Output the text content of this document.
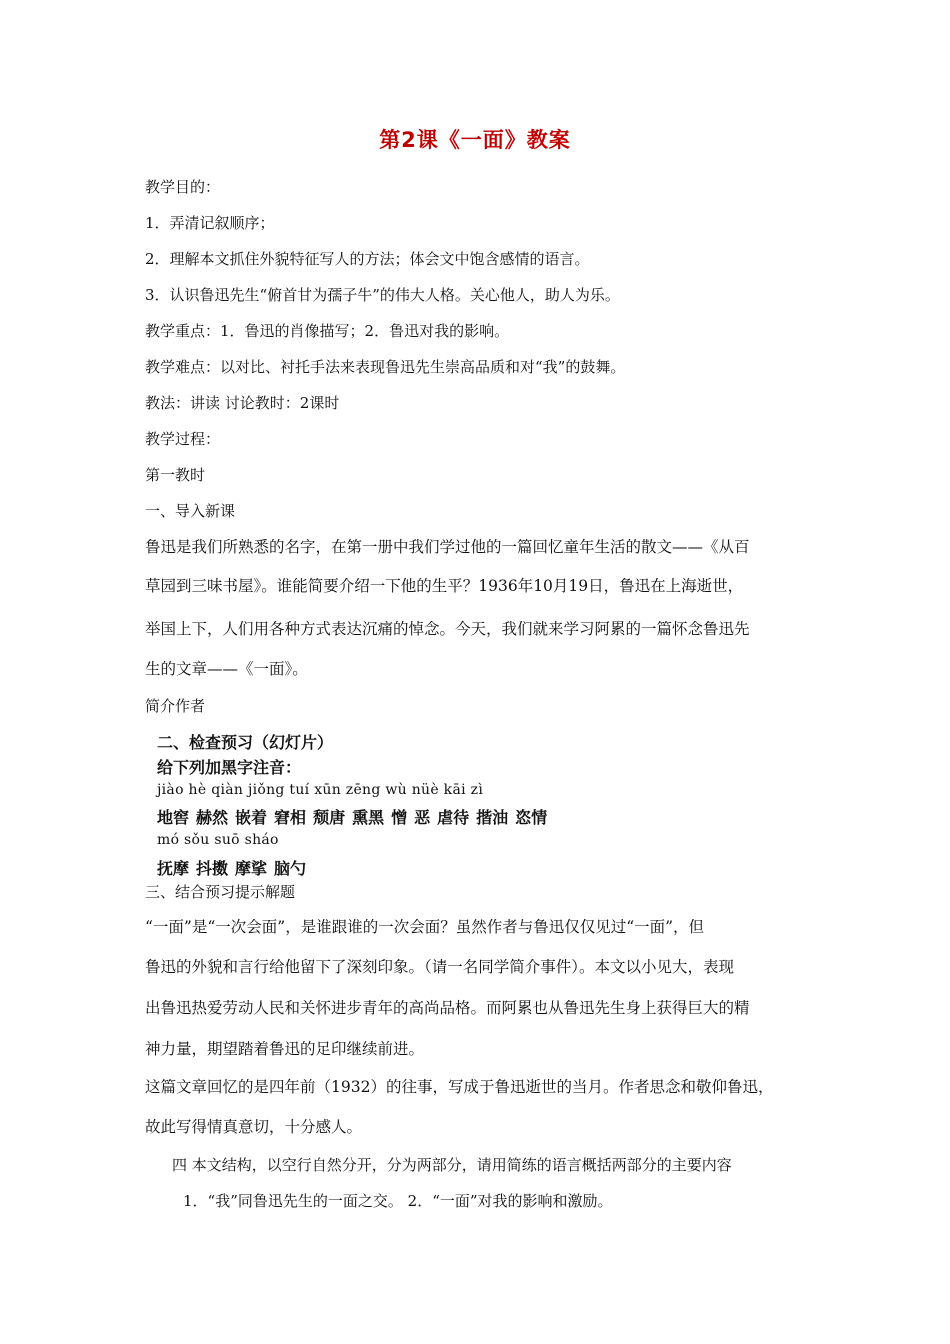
第2课《一面》教案
教学目的：
1．弄清记叙顺序；
2．理解本文抓住外貌特征写人的方法；体会文中饱含感情的语言。
3．认识鲁迅先生“俯首甘为孺子牛”的伟大人格。关心他人，助人为乐。
教学重点：1．鲁迅的肖像描写；2．鲁迅对我的影响。
教学难点：以对比、衬托手法来表现鲁迅先生崇高品质和对“我”的鼓舞。
教法：讲读 讨论教时：2课时
教学过程：
第一教时
一、导入新课
鲁迅是我们所熟悉的名字，在第一册中我们学过他的一篇回忆童年生活的散文——《从百
草园到三味书屋》。谁能简要介绍一下他的生平？1936年10月19日，鲁迅在上海逝世，
举国上下，人们用各种方式表达沉痛的悼念。今天，我们就来学习阿累的一篇怀念鲁迅先
生的文章——《一面》。
简介作者
二、检查预习（幻灯片）
给下列加黑字注音：
jiào hè qiàn jiǒng tuí xūn zēng wù nüè kāi zì
地窖 赫然 嵌着 窘相 颓唐 熏黑 憎 恶 虐待 揩油 恣情
mó sǒu suō sháo
抚摩 抖擞 摩挲 脑勺
三、结合预习提示解题
“一面”是“一次会面”，是谁跟谁的一次会面？虽然作者与鲁迅仅仅见过“一面”，但
鲁迅的外貌和言行给他留下了深刻印象。（请一名同学简介事件）。本文以小见大，表现
出鲁迅热爱劳动人民和关怀进步青年的高尚品格。而阿累也从鲁迅先生身上获得巨大的精
神力量，期望踏着鲁迅的足印继续前进。
这篇文章回忆的是四年前（1932）的往事，写成于鲁迅逝世的当月。作者思念和敬仰鲁迅，
故此写得情真意切，十分感人。
四 本文结构，以空行自然分开，分为两部分，请用简练的语言概括两部分的主要内容
1．“我”同鲁迅先生的一面之交。 2．“一面”对我的影响和激励。
